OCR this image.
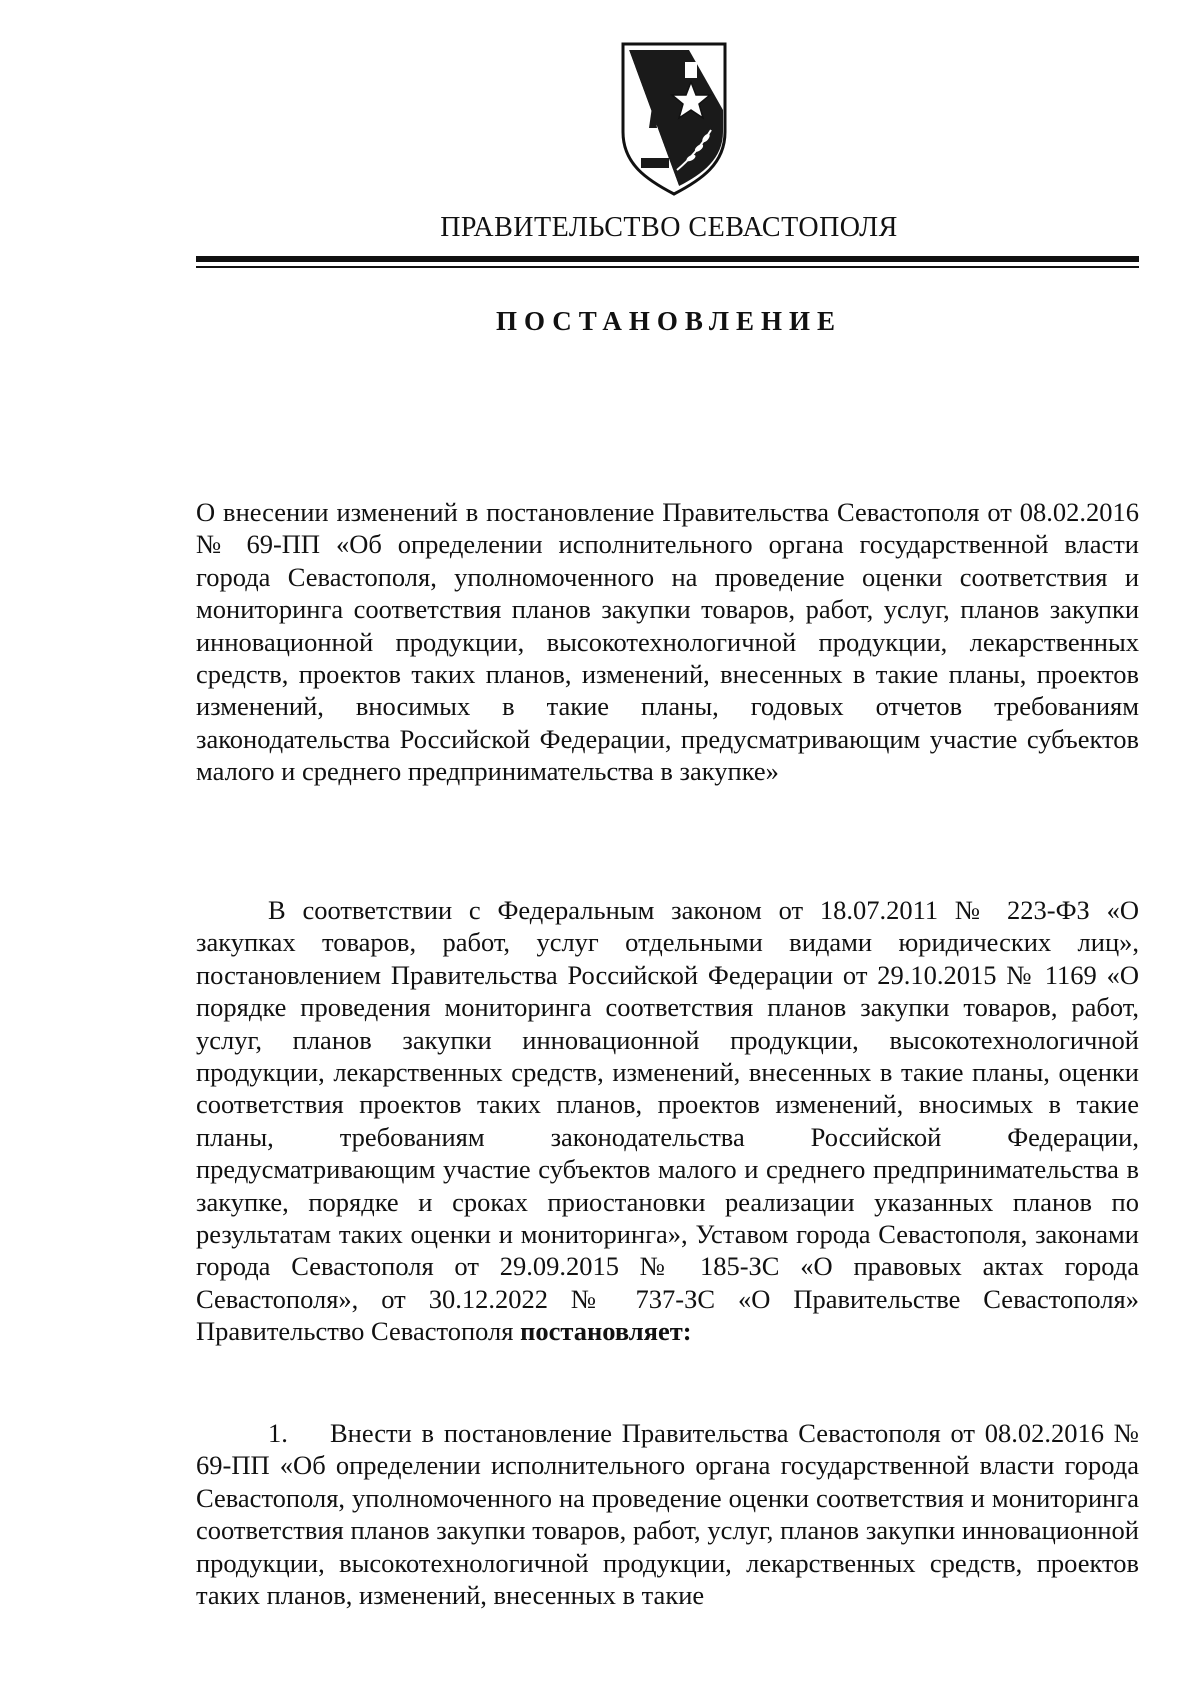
ПРАВИТЕЛЬСТВО СЕВАСТОПОЛЯ
ПОСТАНОВЛЕНИЕ
О внесении изменений в постановление Правительства Севастополя от 08.02.2016 № 69-ПП «Об определении исполнительного органа государственной власти города Севастополя, уполномоченного на проведение оценки соответствия и мониторинга соответствия планов закупки товаров, работ, услуг, планов закупки инновационной продукции, высокотехнологичной продукции, лекарственных средств, проектов таких планов, изменений, внесенных в такие планы, проектов изменений, вносимых в такие планы, годовых отчетов требованиям законодательства Российской Федерации, предусматривающим участие субъектов малого и среднего предпринимательства в закупке»
В соответствии с Федеральным законом от 18.07.2011 № 223-ФЗ «О закупках товаров, работ, услуг отдельными видами юридических лиц», постановлением Правительства Российской Федерации от 29.10.2015 № 1169 «О порядке проведения мониторинга соответствия планов закупки товаров, работ, услуг, планов закупки инновационной продукции, высокотехнологичной продукции, лекарственных средств, изменений, внесенных в такие планы, оценки соответствия проектов таких планов, проектов изменений, вносимых в такие планы, требованиям законодательства Российской Федерации, предусматривающим участие субъектов малого и среднего предпринимательства в закупке, порядке и сроках приостановки реализации указанных планов по результатам таких оценки и мониторинга», Уставом города Севастополя, законами города Севастополя от 29.09.2015 № 185-ЗС «О правовых актах города Севастополя», от 30.12.2022 № 737-ЗС «О Правительстве Севастополя» Правительство Севастополя постановляет:
1. Внести в постановление Правительства Севастополя от 08.02.2016 № 69-ПП «Об определении исполнительного органа государственной власти города Севастополя, уполномоченного на проведение оценки соответствия и мониторинга соответствия планов закупки товаров, работ, услуг, планов закупки инновационной продукции, высокотехнологичной продукции, лекарственных средств, проектов таких планов, изменений, внесенных в такие
